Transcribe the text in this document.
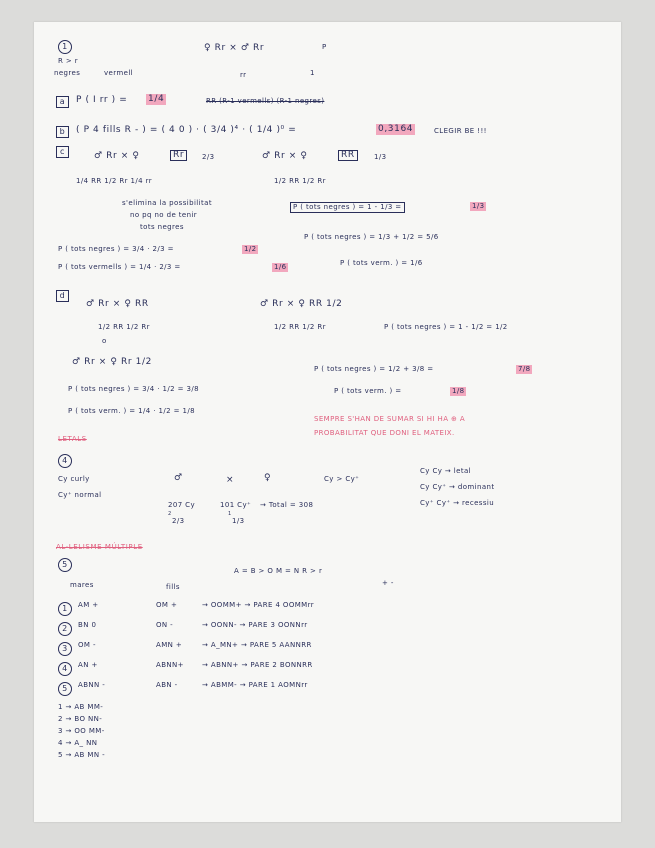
1	♀ Rr × ♂ Rr	P
R > r
negres	vermell	rr	1
a	P ( I rr ) = 1/4	RR (R-1 vermells) (R-1 negres)
b	( P 4 fills R - ) = ( 4 0 ) · ( 3/4 )⁴ · ( 1/4 )⁰ =	0,3164	CLEGIR BE !!!
c	♂ Rr × ♀	Rr	2/3	♂ Rr × ♀	RR	1/3
1/4 RR 1/2 Rr 1/4 rr	1/2 RR 1/2 Rr
s'elimina la possibilitat
no pq no de tenir
tots negres
P ( tots negres ) = 1 - 1/3 =	1/3
P ( tots negres ) = 1/3 + 1/2 = 5/6
P ( tots verm. ) = 1/6
P ( tots negres ) = 3/4 · 2/3 =	1/2
P ( tots vermells ) = 1/4 · 2/3 =	1/6
d
♂ Rr × ♀ RR
1/2 RR 1/2 Rr
♂ Rr × ♀ RR 1/2
1/2 RR 1/2 Rr	P ( tots negres ) = 1 - 1/2 = 1/2
o
♂ Rr × ♀ Rr 1/2
P ( tots negres ) = 1/2 + 3/8 =	7/8
P ( tots verm. ) =	1/8
P ( tots negres ) = 3/4 · 1/2 = 3/8
P ( tots verm. ) = 1/4 · 1/2 = 1/8
SEMPRE S'HAN DE SUMAR SI HI HA ⊕ A
PROBABILITAT QUE DONI EL MATEIX.
LETALS
4
Cy curly
Cy⁺ normal
♂	×	♀	Cy > Cy⁺
Cy Cy → letal
Cy Cy⁺ → dominant
Cy⁺ Cy⁺ → recessiu
207 Cy	101 Cy⁺ → Total = 308
2
2/3
1
1/3
AL·LELISME MÚLTIPLE
5
A = B > O M = N R > r
+ -
mares	fills
1	AM +	OM +	→ OOMM+ → PARE 4 OOMMrr
2	BN 0	ON -	→ OONN- → PARE 3 OONNrr
3	OM -	AMN +	→ A_MN+ → PARE 5 AANNRR
4	AN +	ABNN+	→ ABNN+ → PARE 2 BONNRR
5	ABNN -	ABN -	→ ABMM- → PARE 1 AOMNrr
1 → AB MM-
2 → BO NN-
3 → OO MM-
4 → A_ NN
5 → AB MN -
